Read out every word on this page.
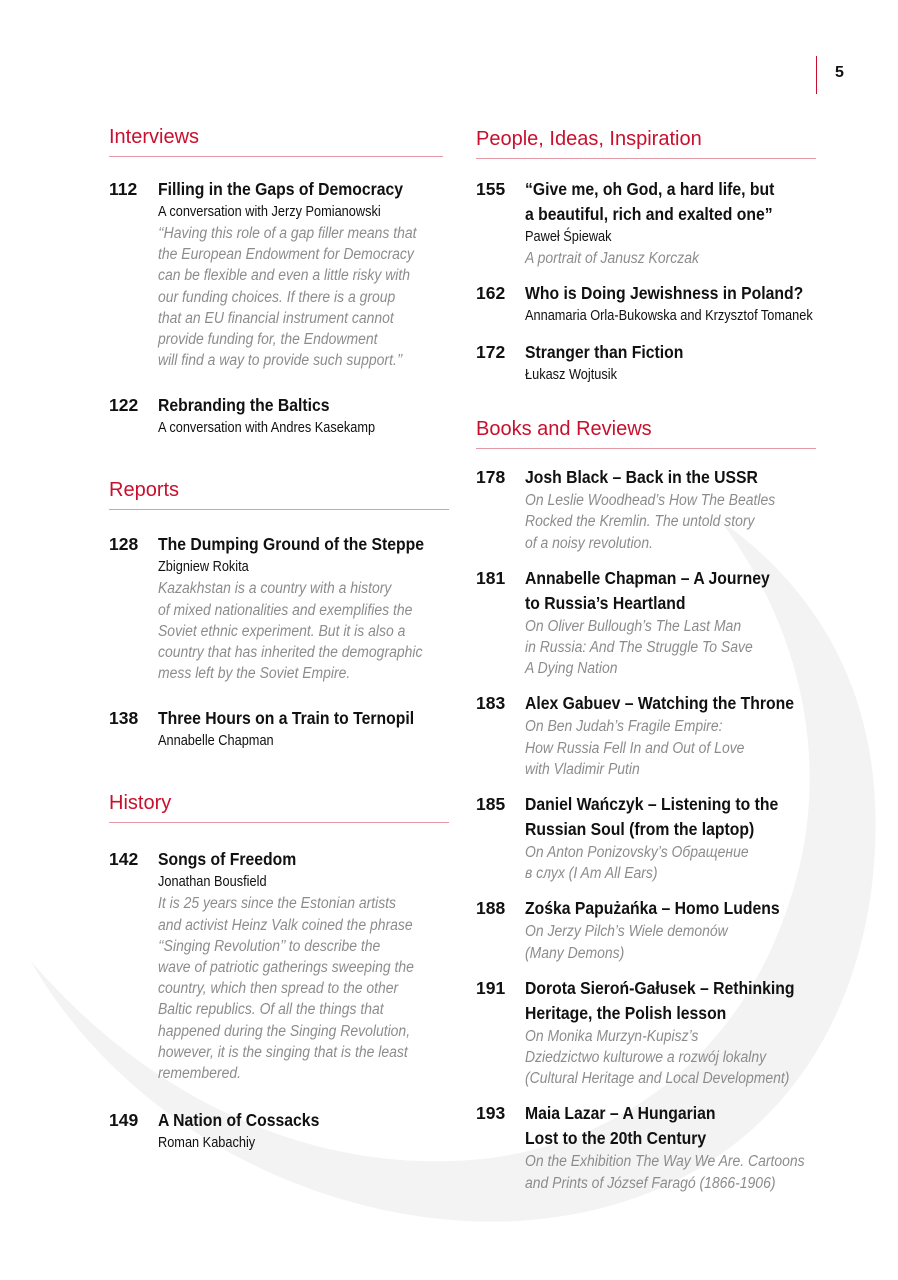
5
Interviews
112 Filling in the Gaps of Democracy
A conversation with Jerzy Pomianowski
‘‘Having this role of a gap filler means that
the European Endowment for Democracy
can be flexible and even a little risky with
our funding choices. If there is a group
that an EU financial instrument cannot
provide funding for, the Endowment
will find a way to provide such support.’’
122 Rebranding the Baltics
A conversation with Andres Kasekamp
Reports
128 The Dumping Ground of the Steppe
Zbigniew Rokita
Kazakhstan is a country with a history
of mixed nationalities and exemplifies the
Soviet ethnic experiment. But it is also a
country that has inherited the demographic
mess left by the Soviet Empire.
138 Three Hours on a Train to Ternopil
Annabelle Chapman
History
142 Songs of Freedom
Jonathan Bousfield
It is 25 years since the Estonian artists
and activist Heinz Valk coined the phrase
‘‘Singing Revolution’’ to describe the
wave of patriotic gatherings sweeping the
country, which then spread to the other
Baltic republics. Of all the things that
happened during the Singing Revolution,
however, it is the singing that is the least
remembered.
149 A Nation of Cossacks
Roman Kabachiy
People, Ideas, Inspiration
155 “Give me, oh God, a hard life, but
a beautiful, rich and exalted one”
Paweł Śpiewak
A portrait of Janusz Korczak
162 Who is Doing Jewishness in Poland?
Annamaria Orla-Bukowska and Krzysztof Tomanek
172 Stranger than Fiction
Łukasz Wojtusik
Books and Reviews
178 Josh Black – Back in the USSR
On Leslie Woodhead’s How The Beatles
Rocked the Kremlin. The untold story
of a noisy revolution.
181 Annabelle Chapman – A Journey
to Russia’s Heartland
On Oliver Bullough’s The Last Man
in Russia: And The Struggle To Save
A Dying Nation
183 Alex Gabuev – Watching the Throne
On Ben Judah’s Fragile Empire:
How Russia Fell In and Out of Love
with Vladimir Putin
185 Daniel Wańczyk – Listening to the
Russian Soul (from the laptop)
On Anton Ponizovsky’s Обращение
в слух (I Am All Ears)
188 Zośka Papużańka – Homo Ludens
On Jerzy Pilch’s Wiele demonów
(Many Demons)
191 Dorota Sieroń-Gałusek – Rethinking
Heritage, the Polish lesson
On Monika Murzyn-Kupisz’s
Dziedzictwo kulturowe a rozwój lokalny
(Cultural Heritage and Local Development)
193 Maia Lazar – A Hungarian
Lost to the 20th Century
On the Exhibition The Way We Are. Cartoons
and Prints of József Faragó (1866-1906)
